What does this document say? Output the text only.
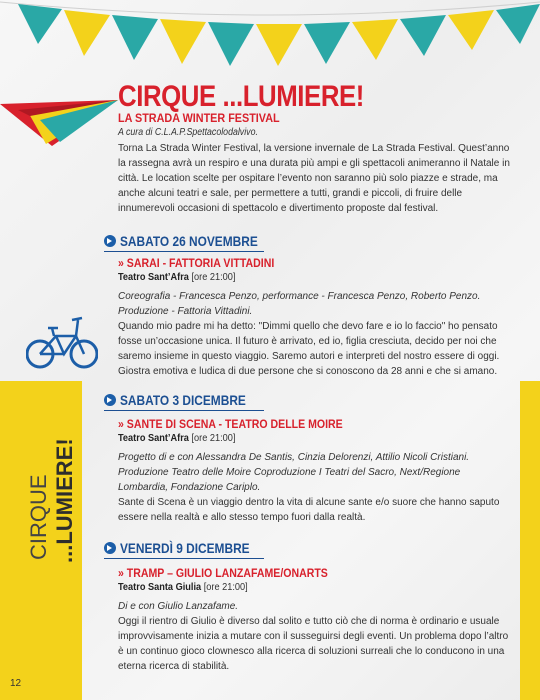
CIRQUE ...LUMIERE!
CIRQUE ...LUMIERE!
LA STRADA WINTER FESTIVAL
A cura di C.L.A.P.Spettacolodalvivo.
Torna La Strada Winter Festival, la versione invernale de La Strada Festival. Quest’anno la rassegna avrà un respiro e una durata più ampi e gli spettacoli animeranno il Natale in città. Le location scelte per ospitare l’evento non saranno più solo piazze e strade, ma anche alcuni teatri e sale, per permettere a tutti, grandi e piccoli, di fruire delle innumerevoli occasioni di spettacolo e divertimento proposte dal festival.
SABATO 26 NOVEMBRE
» SARAI - FATTORIA VITTADINI
Teatro Sant’Afra [ore 21:00]
Coreografia - Francesca Penzo, performance - Francesca Penzo, Roberto Penzo. Produzione - Fattoria Vittadini.
Quando mio padre mi ha detto: "Dimmi quello che devo fare e io lo faccio" ho pensato fosse un’occasione unica. Il futuro è arrivato, ed io, figlia cresciuta, decido per noi che saremo insieme in questo viaggio. Saremo autori e interpreti del nostro essere di oggi. Giostra emotiva e ludica di due persone che si conoscono da 28 anni e che si amano.
SABATO 3 DICEMBRE
» SANTE DI SCENA - TEATRO DELLE MOIRE
Teatro Sant’Afra [ore 21:00]
Progetto di e con Alessandra De Santis, Cinzia Delorenzi, Attilio Nicoli Cristiani. Produzione Teatro delle Moire Coproduzione I Teatri del Sacro, Next/Regione Lombardia, Fondazione Cariplo.
Sante di Scena è un viaggio dentro la vita di alcune sante e/o suore che hanno saputo essere nella realtà e allo stesso tempo fuori dalla realtà.
VENERDÌ 9 DICEMBRE
» TRAMP – GIULIO LANZAFAME/ONARTS
Teatro Santa Giulia [ore 21:00]
Di e con Giulio Lanzafame.
Oggi il rientro di Giulio è diverso dal solito e tutto ciò che di norma è ordinario e usuale improvvisamente inizia a mutare con il susseguirsi degli eventi. Un problema dopo l’altro è un continuo gioco clownesco alla ricerca di soluzioni surreali che lo conducono in una eterna ricerca di stabilità.
12
